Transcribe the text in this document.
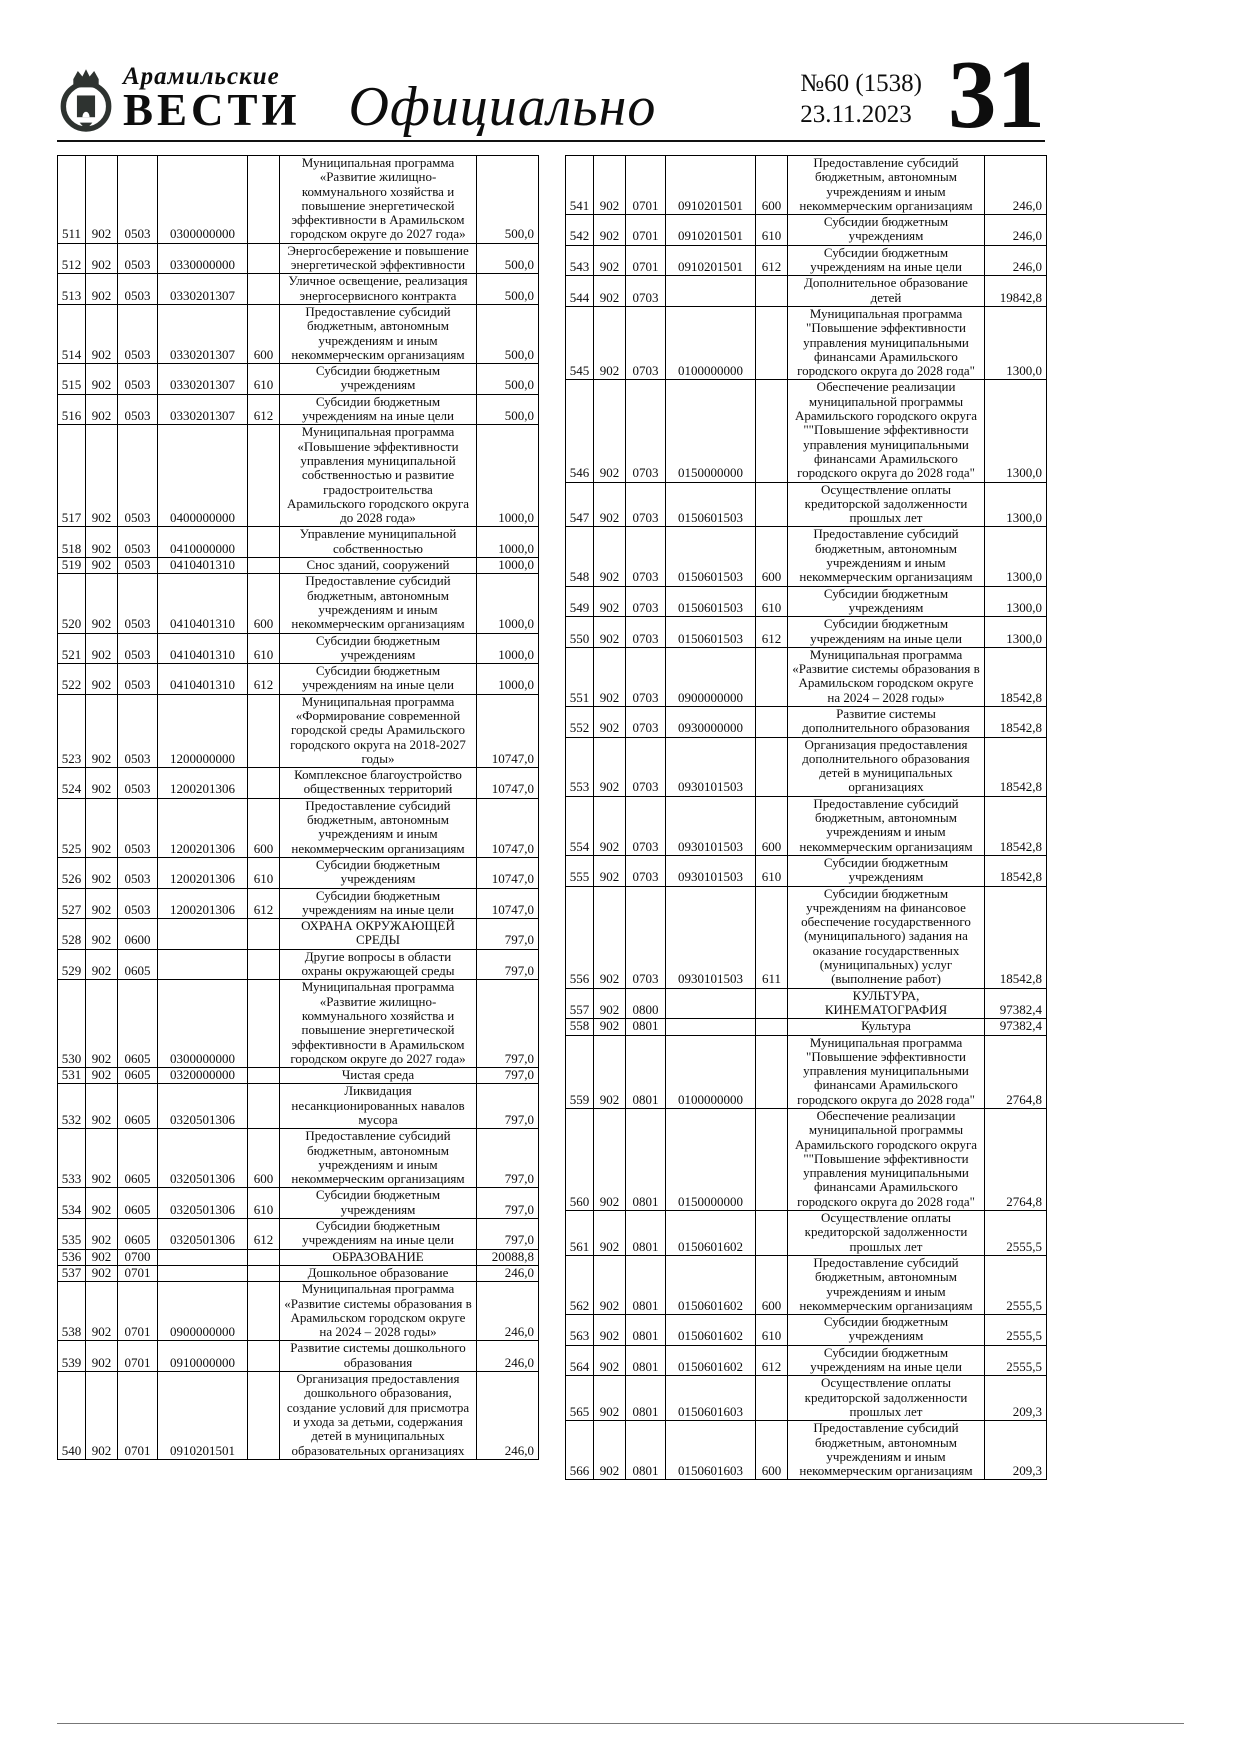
Арамильские
ВЕСТИ Официально	№60 (1538)
23.11.2023 31
511	902	0503	0300000000		Муниципальная программа «Развитие жилищно-коммунального хозяйства и повышение энергетической эффективности в Арамильском городском округе до 2027 года»	500,0
512	902	0503	0330000000		Энергосбережение и повышение энергетической эффективности	500,0
513	902	0503	0330201307		Уличное освещение, реализация энергосервисного контракта	500,0
514	902	0503	0330201307	600	Предоставление субсидий бюджетным, автономным учреждениям и иным некоммерческим организациям	500,0
515	902	0503	0330201307	610	Субсидии бюджетным учреждениям	500,0
516	902	0503	0330201307	612	Субсидии бюджетным учреждениям на иные цели	500,0
517	902	0503	0400000000		Муниципальная программа «Повышение эффективности управления муниципальной собственностью и развитие градостроительства Арамильского городского округа до 2028 года»	1000,0
518	902	0503	0410000000		Управление муниципальной собственностью	1000,0
519	902	0503	0410401310		Снос зданий, сооружений	1000,0
520	902	0503	0410401310	600	Предоставление субсидий бюджетным, автономным учреждениям и иным некоммерческим организациям	1000,0
521	902	0503	0410401310	610	Субсидии бюджетным учреждениям	1000,0
522	902	0503	0410401310	612	Субсидии бюджетным учреждениям на иные цели	1000,0
523	902	0503	1200000000		Муниципальная программа «Формирование современной городской среды Арамильского городского округа на 2018-2027 годы»	10747,0
524	902	0503	1200201306		Комплексное благоустройство общественных территорий	10747,0
525	902	0503	1200201306	600	Предоставление субсидий бюджетным, автономным учреждениям и иным некоммерческим организациям	10747,0
526	902	0503	1200201306	610	Субсидии бюджетным учреждениям	10747,0
527	902	0503	1200201306	612	Субсидии бюджетным учреждениям на иные цели	10747,0
528	902	0600			ОХРАНА ОКРУЖАЮЩЕЙ СРЕДЫ	797,0
529	902	0605			Другие вопросы в области охраны окружающей среды	797,0
530	902	0605	0300000000		Муниципальная программа «Развитие жилищно-коммунального хозяйства и повышение энергетической эффективности в Арамильском городском округе до 2027 года»	797,0
531	902	0605	0320000000		Чистая среда	797,0
532	902	0605	0320501306		Ликвидация несанкционированных навалов мусора	797,0
533	902	0605	0320501306	600	Предоставление субсидий бюджетным, автономным учреждениям и иным некоммерческим организациям	797,0
534	902	0605	0320501306	610	Субсидии бюджетным учреждениям	797,0
535	902	0605	0320501306	612	Субсидии бюджетным учреждениям на иные цели	797,0
536	902	0700			ОБРАЗОВАНИЕ	20088,8
537	902	0701			Дошкольное образование	246,0
538	902	0701	0900000000		Муниципальная программа «Развитие системы образования в Арамильском городском округе на 2024 – 2028 годы»	246,0
539	902	0701	0910000000		Развитие системы дошкольного образования	246,0
540	902	0701	0910201501		Организация предоставления дошкольного образования, создание условий для присмотра и ухода за детьми, содержания детей в муниципальных образовательных организациях	246,0
541	902	0701	0910201501	600	Предоставление субсидий бюджетным, автономным учреждениям и иным некоммерческим организациям	246,0
542	902	0701	0910201501	610	Субсидии бюджетным учреждениям	246,0
543	902	0701	0910201501	612	Субсидии бюджетным учреждениям на иные цели	246,0
544	902	0703			Дополнительное образование детей	19842,8
545	902	0703	0100000000		Муниципальная программа "Повышение эффективности управления муниципальными финансами Арамильского городского округа до 2028 года"	1300,0
546	902	0703	0150000000		Обеспечение реализации муниципальной программы Арамильского городского округа ""Повышение эффективности управления муниципальными финансами Арамильского городского округа до 2028 года"	1300,0
547	902	0703	0150601503		Осуществление оплаты кредиторской задолженности прошлых лет	1300,0
548	902	0703	0150601503	600	Предоставление субсидий бюджетным, автономным учреждениям и иным некоммерческим организациям	1300,0
549	902	0703	0150601503	610	Субсидии бюджетным учреждениям	1300,0
550	902	0703	0150601503	612	Субсидии бюджетным учреждениям на иные цели	1300,0
551	902	0703	0900000000		Муниципальная программа «Развитие системы образования в Арамильском городском округе на 2024 – 2028 годы»	18542,8
552	902	0703	0930000000		Развитие системы дополнительного образования	18542,8
553	902	0703	0930101503		Организация предоставления дополнительного образования детей в муниципальных организациях	18542,8
554	902	0703	0930101503	600	Предоставление субсидий бюджетным, автономным учреждениям и иным некоммерческим организациям	18542,8
555	902	0703	0930101503	610	Субсидии бюджетным учреждениям	18542,8
556	902	0703	0930101503	611	Субсидии бюджетным учреждениям на финансовое обеспечение государственного (муниципального) задания на оказание государственных (муниципальных) услуг (выполнение работ)	18542,8
557	902	0800			КУЛЬТУРА, КИНЕМАТОГРАФИЯ	97382,4
558	902	0801			Культура	97382,4
559	902	0801	0100000000		Муниципальная программа "Повышение эффективности управления муниципальными финансами Арамильского городского округа до 2028 года"	2764,8
560	902	0801	0150000000		Обеспечение реализации муниципальной программы Арамильского городского округа ""Повышение эффективности управления муниципальными финансами Арамильского городского округа до 2028 года"	2764,8
561	902	0801	0150601602		Осуществление оплаты кредиторской задолженности прошлых лет	2555,5
562	902	0801	0150601602	600	Предоставление субсидий бюджетным, автономным учреждениям и иным некоммерческим организациям	2555,5
563	902	0801	0150601602	610	Субсидии бюджетным учреждениям	2555,5
564	902	0801	0150601602	612	Субсидии бюджетным учреждениям на иные цели	2555,5
565	902	0801	0150601603		Осуществление оплаты кредиторской задолженности прошлых лет	209,3
566	902	0801	0150601603	600	Предоставление субсидий бюджетным, автономным учреждениям и иным некоммерческим организациям	209,3
